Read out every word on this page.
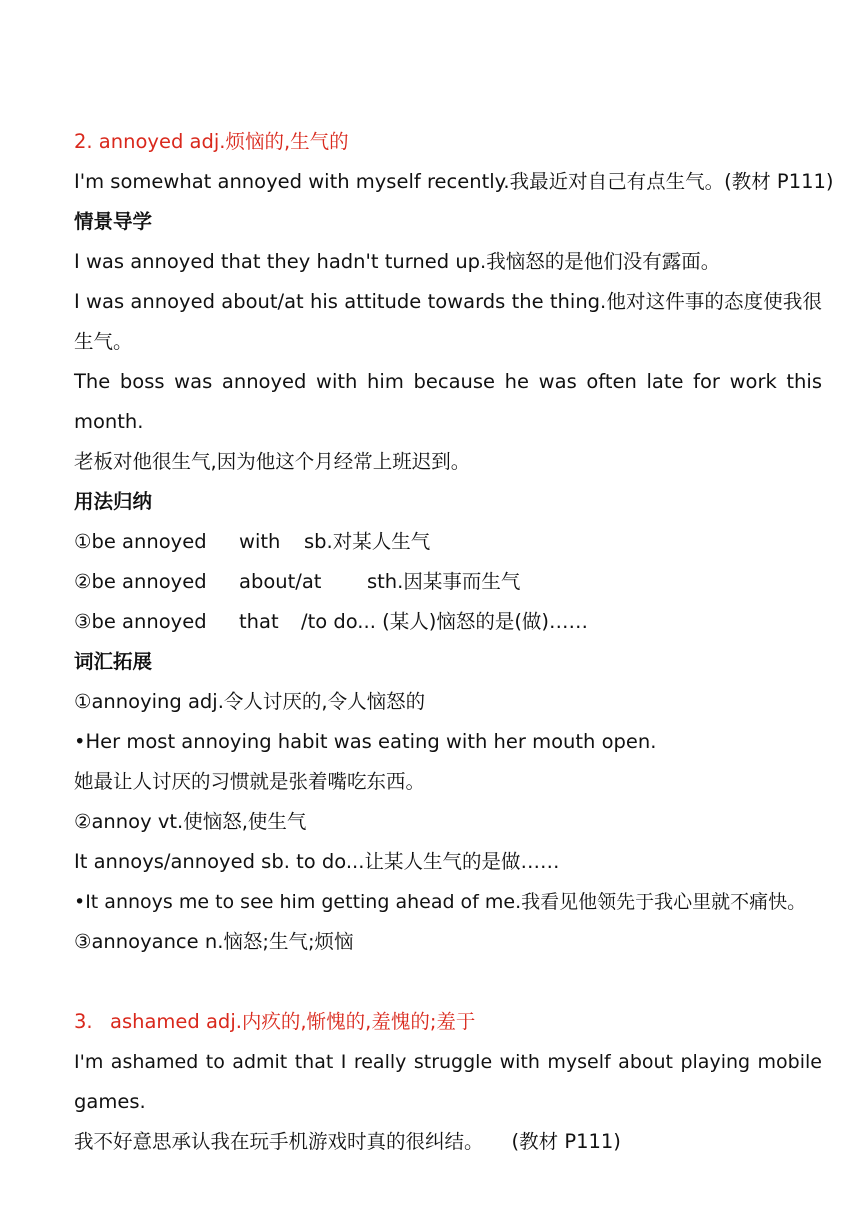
2. annoyed adj.烦恼的,生气的
I'm somewhat annoyed with myself recently.我最近对自己有点生气。(教材 P111)
情景导学
I was annoyed that they hadn't turned up.我恼怒的是他们没有露面。
I was annoyed about/at his attitude towards the thing.他对这件事的态度使我很
生气。
The boss was annoyed with him because he was often late for work this
month.
老板对他很生气,因为他这个月经常上班迟到。
用法归纳
①be annoyed with sb.对某人生气
②be annoyed about/at sth.因某事而生气
③be annoyed that /to do... (某人)恼怒的是(做)……
词汇拓展
①annoying adj.令人讨厌的,令人恼怒的
•Her most annoying habit was eating with her mouth open.
她最让人讨厌的习惯就是张着嘴吃东西。
②annoy vt.使恼怒,使生气
It annoys/annoyed sb. to do...让某人生气的是做……
•It annoys me to see him getting ahead of me.我看见他领先于我心里就不痛快。
③annoyance n.恼怒;生气;烦恼
3. ashamed adj.内疚的,惭愧的,羞愧的;羞于
I'm ashamed to admit that I really struggle with myself about playing mobile
games.
我不好意思承认我在玩手机游戏时真的很纠结。 (教材 P111)
